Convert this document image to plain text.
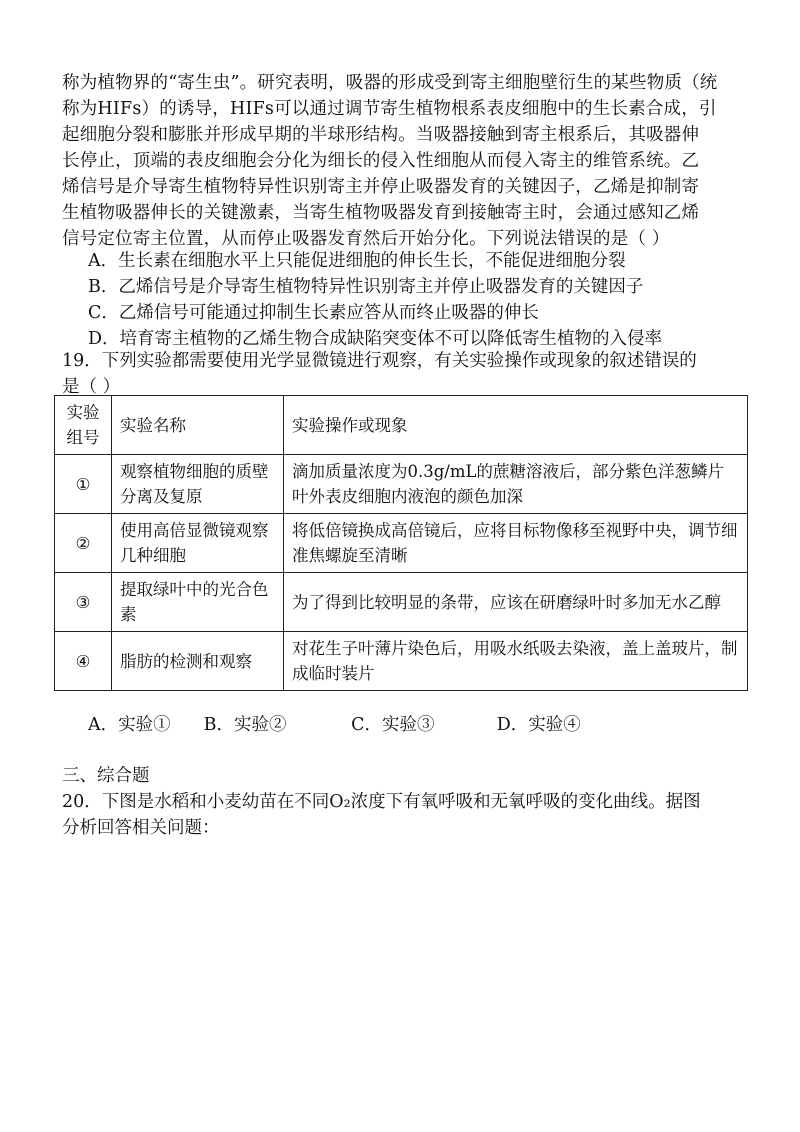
称为植物界的“寄生虫”。研究表明，吸器的形成受到寄主细胞壁衍生的某些物质（统
称为HIFs）的诱导，HIFs可以通过调节寄生植物根系表皮细胞中的生长素合成，引
起细胞分裂和膨胀并形成早期的半球形结构。当吸器接触到寄主根系后，其吸器伸
长停止，顶端的表皮细胞会分化为细长的侵入性细胞从而侵入寄主的维管系统。乙
烯信号是介导寄生植物特异性识别寄主并停止吸器发育的关键因子，乙烯是抑制寄
生植物吸器伸长的关键激素，当寄生植物吸器发育到接触寄主时，会通过感知乙烯
信号定位寄主位置，从而停止吸器发育然后开始分化。下列说法错误的是（ ）
A．生长素在细胞水平上只能促进细胞的伸长生长，不能促进细胞分裂
B．乙烯信号是介导寄生植物特异性识别寄主并停止吸器发育的关键因子
C．乙烯信号可能通过抑制生长素应答从而终止吸器的伸长
D．培育寄主植物的乙烯生物合成缺陷突变体不可以降低寄生植物的入侵率
19．下列实验都需要使用光学显微镜进行观察，有关实验操作或现象的叙述错误的
是（ ）
实验组号	实验名称	实验操作或现象
①	观察植物细胞的质壁分离及复原	滴加质量浓度为0.3g/mL的蔗糖溶液后，部分紫色洋葱鳞片叶外表皮细胞内液泡的颜色加深
②	使用高倍显微镜观察几种细胞	将低倍镜换成高倍镜后，应将目标物像移至视野中央，调节细准焦螺旋至清晰
③	提取绿叶中的光合色素	为了得到比较明显的条带，应该在研磨绿叶时多加无水乙醇
④	脂肪的检测和观察	对花生子叶薄片染色后，用吸水纸吸去染液，盖上盖玻片，制成临时装片
A．实验① B．实验②	C．实验③	D．实验④
三、综合题
20．下图是水稻和小麦幼苗在不同O₂浓度下有氧呼吸和无氧呼吸的变化曲线。据图
分析回答相关问题：
